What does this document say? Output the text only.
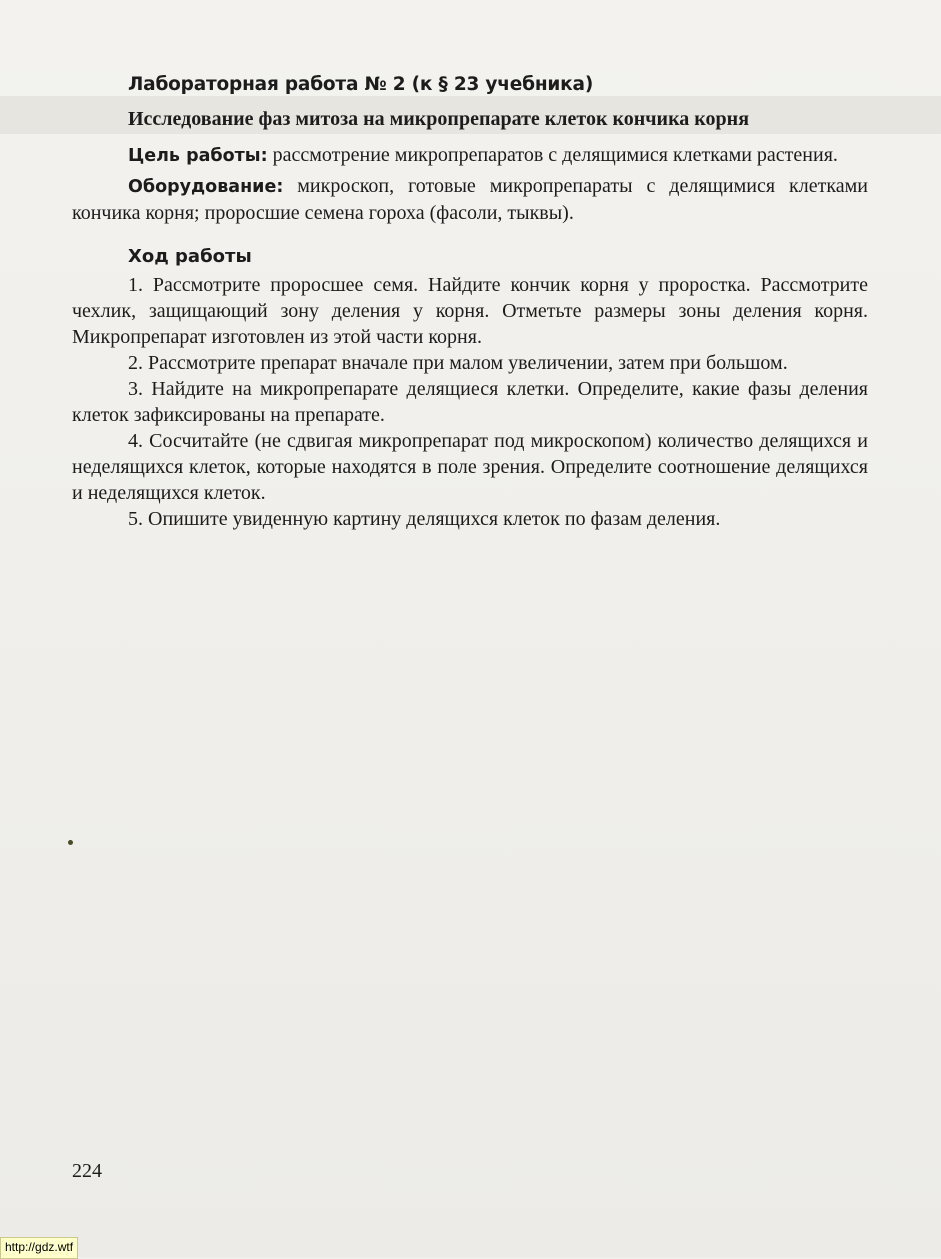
Лабораторная работа № 2 (к § 23 учебника)
Исследование фаз митоза на микропрепарате клеток кончика корня

Цель работы: рассмотрение микропрепаратов с делящимися клетками растения.

Оборудование: микроскоп, готовые микропрепараты с делящимися клетками кончика корня; проросшие семена гороха (фасоли, тыквы).

Ход работы

1. Рассмотрите проросшее семя. Найдите кончик корня у проростка. Рассмотрите чехлик, защищающий зону деления у корня. Отметьте размеры зоны деления корня. Микропрепарат изготовлен из этой части корня.

2. Рассмотрите препарат вначале при малом увеличении, затем при большом.

3. Найдите на микропрепарате делящиеся клетки. Определите, какие фазы деления клеток зафиксированы на препарате.

4. Сосчитайте (не сдвигая микропрепарат под микроскопом) количество делящихся и неделящихся клеток, которые находятся в поле зрения. Определите соотношение делящихся и неделящихся клеток.

5. Опишите увиденную картину делящихся клеток по фазам деления.

224
http://gdz.wtf
